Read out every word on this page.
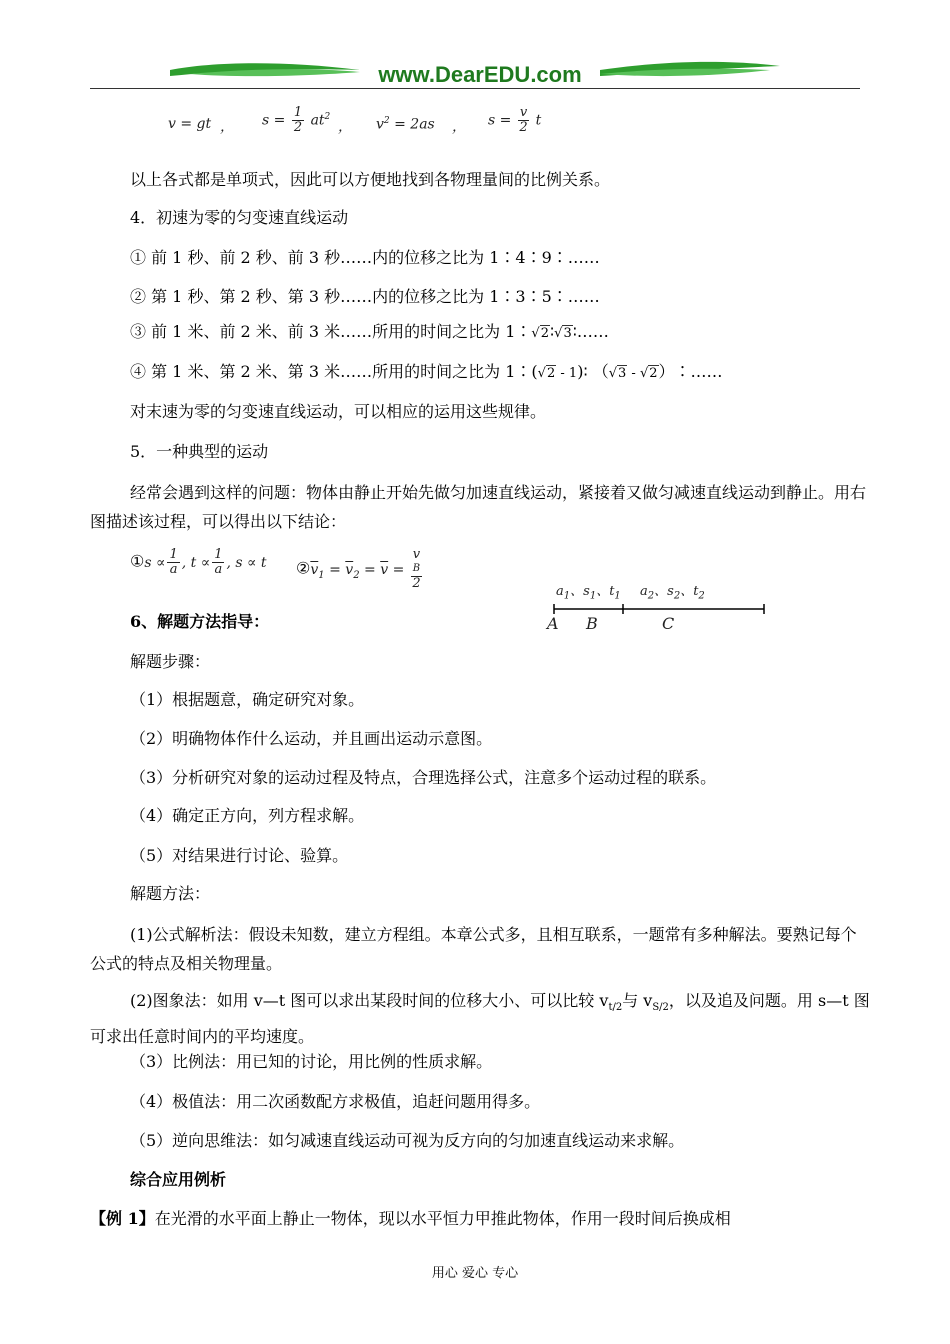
www.DearEDU.com
v = gt ， $s = \frac{1}{2} at^2$
， $v^2 = 2as$ ， $s = \frac{v}{2}$ t
以上各式都是单项式，因此可以方便地找到各物理量间的比例关系。
4．初速为零的匀变速直线运动
① 前 1 秒、前 2 秒、前 3 秒……内的位移之比为 1∶4∶9∶……
② 第 1 秒、第 2 秒、第 3 秒……内的位移之比为 1∶3∶5∶……
③ 前 1 米、前 2 米、前 3 米……所用的时间之比为 1∶√2∶√3∶……
④ 第 1 米、第 2 米、第 3 米……所用的时间之比为 1∶(√2 - 1)∶ （√3 - √2）∶……
对末速为零的匀变速直线运动，可以相应的运用这些规律。
5．一种典型的运动
经常会遇到这样的问题：物体由静止开始先做匀加速直线运动，紧接着又做匀减速直线运动到静止。用右图描述该过程，可以得出以下结论：
①s ∝ $\frac{1}{a}$ , $t \propto \frac{1}{a}$ , s ∝ t $②\overline{v}_1 = \overline{v}_2 = \overline{v} = v$
B
2
$a_1$、$s_1$、$t_1$ $a_2$、$s_2$、$t_2$
A B	C
6、解题方法指导：
解题步骤：
（1）根据题意，确定研究对象。
（2）明确物体作什么运动，并且画出运动示意图。
（3）分析研究对象的运动过程及特点，合理选择公式，注意多个运动过程的联系。
（4）确定正方向，列方程求解。
（5）对结果进行讨论、验算。
解题方法：
(1)公式解析法：假设未知数，建立方程组。本章公式多，且相互联系，一题常有多种解法。要熟记每个公式的特点及相关物理量。
(2)图象法：如用 v—t 图可以求出某段时间的位移大小、可以比较 $v_{t/2}$与 $v_{S/2}$，以及追及问题。用 s—t 图可求出任意时间内的平均速度。
（3）比例法：用已知的讨论，用比例的性质求解。
（4）极值法：用二次函数配方求极值，追赶问题用得多。
（5）逆向思维法：如匀减速直线运动可视为反方向的匀加速直线运动来求解。
综合应用例析
【例 1】在光滑的水平面上静止一物体，现以水平恒力甲推此物体，作用一段时间后换成相
用心 爱心 专心
